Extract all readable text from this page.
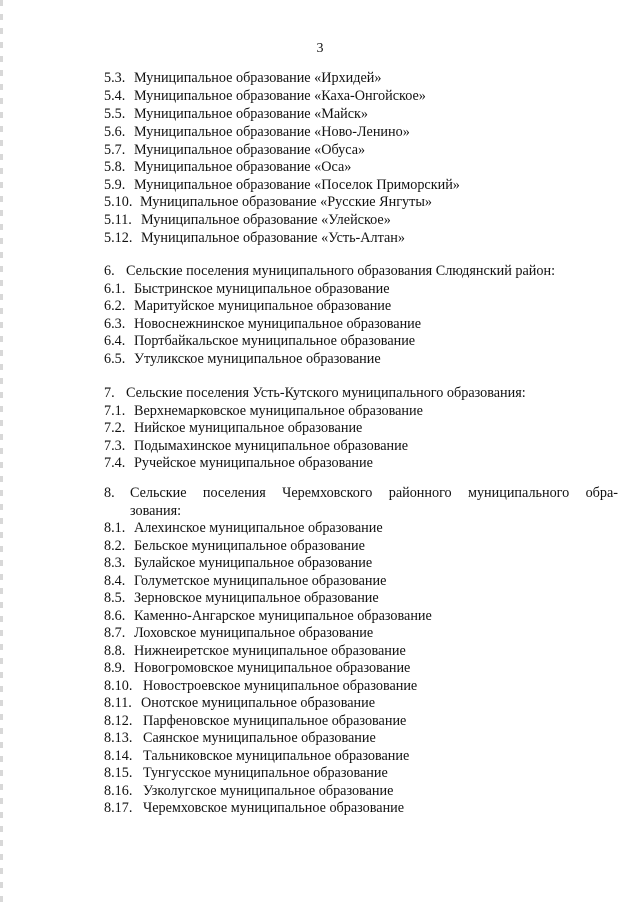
3
5.3. Муниципальное образование «Ирхидей»
5.4. Муниципальное образование «Каха-Онгойское»
5.5. Муниципальное образование «Майск»
5.6. Муниципальное образование «Ново-Ленино»
5.7. Муниципальное образование «Обуса»
5.8. Муниципальное образование «Оса»
5.9. Муниципальное образование «Поселок Приморский»
5.10. Муниципальное образование «Русские Янгуты»
5.11. Муниципальное образование «Улейское»
5.12. Муниципальное образование «Усть-Алтан»
6. Сельские поселения муниципального образования Слюдянский район:
6.1. Быстринское муниципальное образование
6.2. Маритуйское муниципальное образование
6.3. Новоснежнинское муниципальное образование
6.4. Портбайкальское муниципальное образование
6.5. Утуликское муниципальное образование
7. Сельские поселения Усть-Кутского муниципального образования:
7.1. Верхнемарковское муниципальное образование
7.2. Нийское муниципальное образование
7.3. Подымахинское муниципальное образование
7.4. Ручейское муниципальное образование
8. Сельские поселения Черемховского районного муниципального обра-
зования:
8.1. Алехинское муниципальное образование
8.2. Бельское муниципальное образование
8.3. Булайское муниципальное образование
8.4. Голуметское муниципальное образование
8.5. Зерновское муниципальное образование
8.6. Каменно-Ангарское муниципальное образование
8.7. Лоховское муниципальное образование
8.8. Нижнеиретское муниципальное образование
8.9. Новогромовское муниципальное образование
8.10. Новостроевское муниципальное образование
8.11. Онотское муниципальное образование
8.12. Парфеновское муниципальное образование
8.13. Саянское муниципальное образование
8.14. Тальниковское муниципальное образование
8.15. Тунгусское муниципальное образование
8.16. Узколугское муниципальное образование
8.17. Черемховское муниципальное образование
